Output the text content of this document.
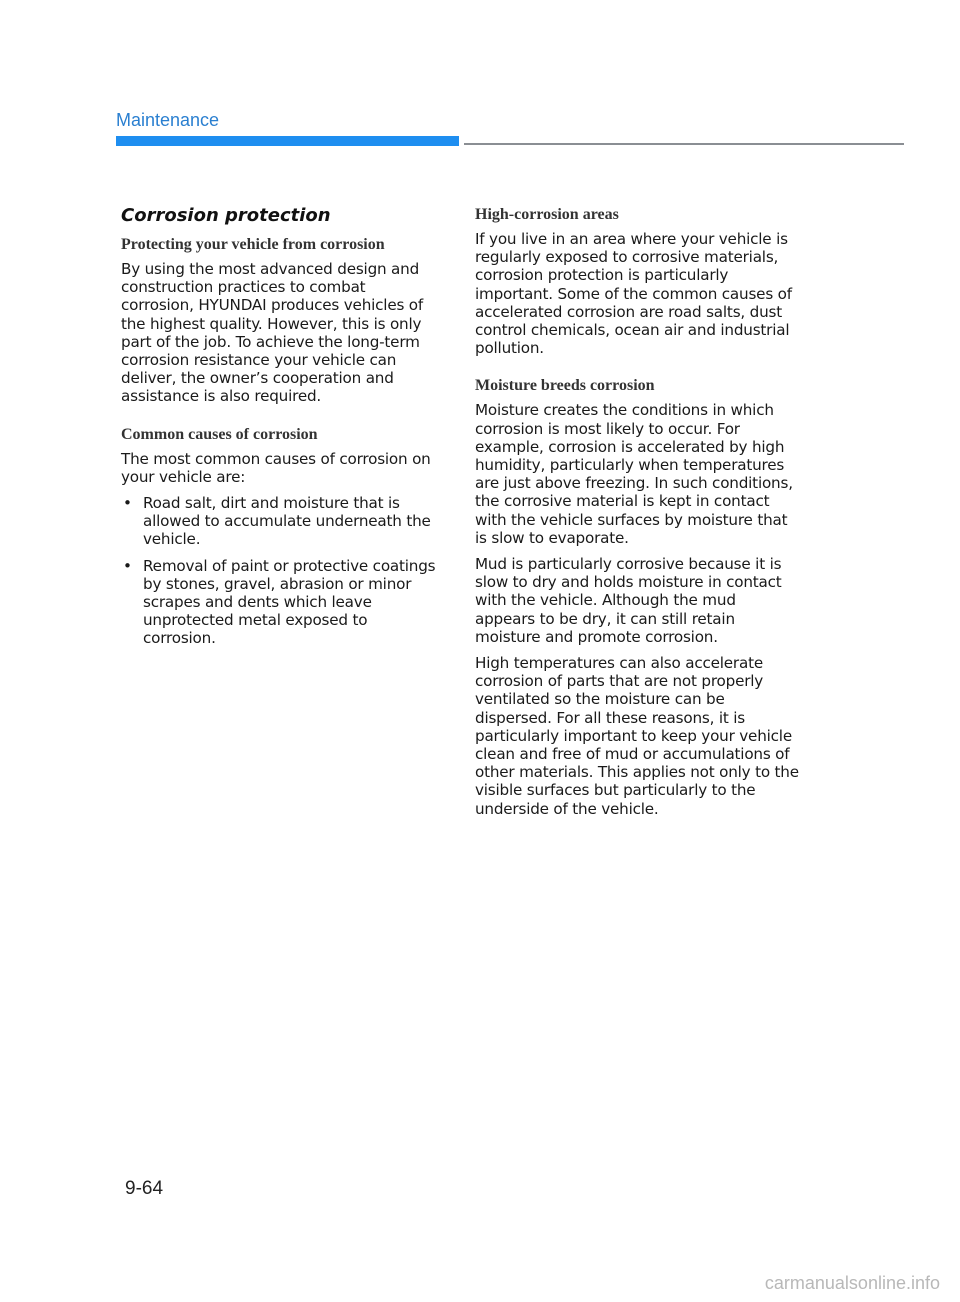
Maintenance
Corrosion protection
Protecting your vehicle from corrosion

By using the most advanced design and construction practices to combat corrosion, HYUNDAI produces vehicles of the highest quality. However, this is only part of the job. To achieve the long-term corrosion resistance your vehicle can deliver, the owner’s cooperation and assistance is also required.

Common causes of corrosion

The most common causes of corrosion on your vehicle are:

• Road salt, dirt and moisture that is allowed to accumulate underneath the vehicle.
• Removal of paint or protective coatings by stones, gravel, abrasion or minor scrapes and dents which leave unprotected metal exposed to corrosion.
High-corrosion areas

If you live in an area where your vehicle is regularly exposed to corrosive materials, corrosion protection is particularly important. Some of the common causes of accelerated corrosion are road salts, dust control chemicals, ocean air and industrial pollution.

Moisture breeds corrosion

Moisture creates the conditions in which corrosion is most likely to occur. For example, corrosion is accelerated by high humidity, particularly when temperatures are just above freezing. In such conditions, the corrosive material is kept in contact with the vehicle surfaces by moisture that is slow to evaporate.

Mud is particularly corrosive because it is slow to dry and holds moisture in contact with the vehicle. Although the mud appears to be dry, it can still retain moisture and promote corrosion.

High temperatures can also accelerate corrosion of parts that are not properly ventilated so the moisture can be dispersed. For all these reasons, it is particularly important to keep your vehicle clean and free of mud or accumulations of other materials. This applies not only to the visible surfaces but particularly to the underside of the vehicle.

9-64
carmanualsonline.info
